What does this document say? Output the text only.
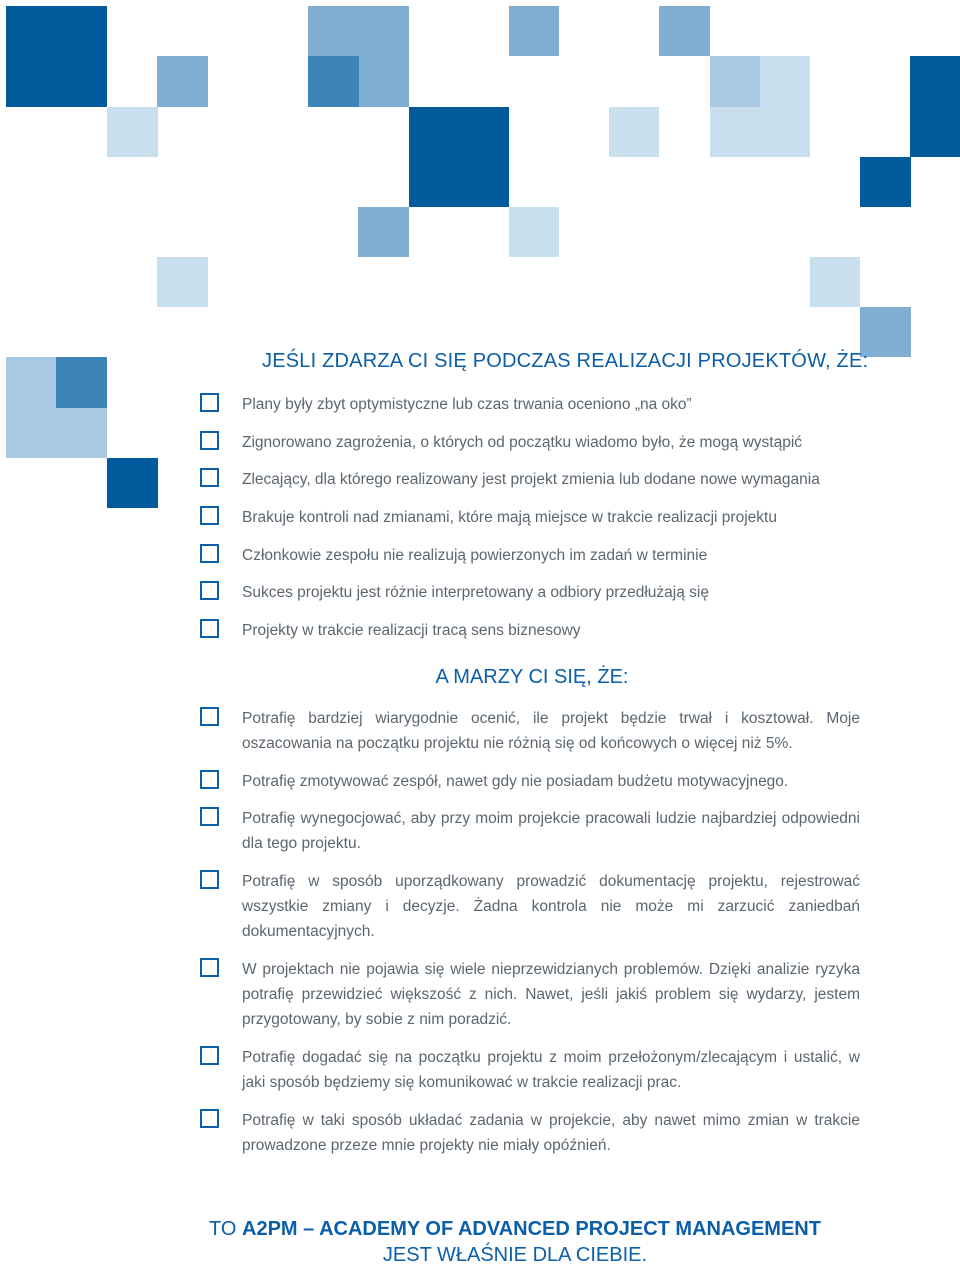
JEŚLI ZDARZA CI SIĘ PODCZAS REALIZACJI PROJEKTÓW, ŻE:

Plany były zbyt optymistyczne lub czas trwania oceniono „na oko”

Zignorowano zagrożenia, o których od początku wiadomo było, że mogą wystąpić

Zlecający, dla którego realizowany jest projekt zmienia lub dodane nowe wymagania

Brakuje kontroli nad zmianami, które mają miejsce w trakcie realizacji projektu

Członkowie zespołu nie realizują powierzonych im zadań w terminie

Sukces projektu jest różnie interpretowany a odbiory przedłużają się

Projekty w trakcie realizacji tracą sens biznesowy

A MARZY CI SIĘ, ŻE:

Potrafię bardziej wiarygodnie ocenić, ile projekt będzie trwał i kosztował. Moje oszacowania na początku projektu nie różnią się od końcowych o więcej niż 5%.

Potrafię zmotywować zespół, nawet gdy nie posiadam budżetu motywacyjnego.

Potrafię wynegocjować, aby przy moim projekcie pracowali ludzie najbardziej odpowiedni dla tego projektu.

Potrafię w sposób uporządkowany prowadzić dokumentację projektu, rejestrować wszystkie zmiany i decyzje. Żadna kontrola nie może mi zarzucić zaniedbań dokumentacyjnych.

W projektach nie pojawia się wiele nieprzewidzianych problemów. Dzięki analizie ryzyka potrafię przewidzieć większość z nich. Nawet, jeśli jakiś problem się wydarzy, jestem przygotowany, by sobie z nim poradzić.

Potrafię dogadać się na początku projektu z moim przełożonym/zlecającym i ustalić, w jaki sposób będziemy się komunikować w trakcie realizacji prac.

Potrafię w taki sposób układać zadania w projekcie, aby nawet mimo zmian w trakcie prowadzone przeze mnie projekty nie miały opóźnień.

TO A2PM – ACADEMY OF ADVANCED PROJECT MANAGEMENT
JEST WŁAŚNIE DLA CIEBIE.
